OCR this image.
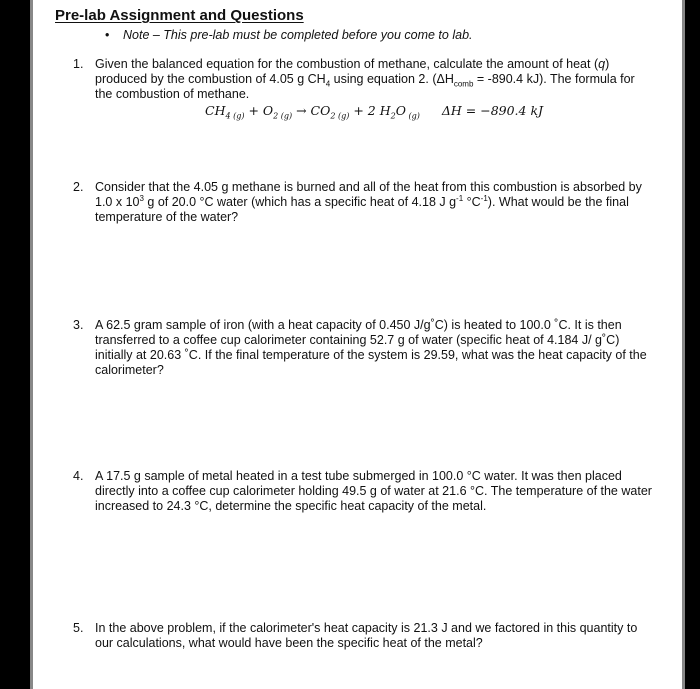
Pre-lab Assignment and Questions
• Note – This pre-lab must be completed before you come to lab.
1. Given the balanced equation for the combustion of methane, calculate the amount of heat (q) produced by the combustion of 4.05 g $CH_4$ using equation 2. ($\Delta H_{comb} = -890.4$ kJ). The formula for the combustion of methane.
$CH_{4 (g)} + O_{2 (g)} \to CO_{2 (g)} + 2$ $H_2O$ $_{(g)}$ ΔH = −890.4 kJ
2. Consider that the 4.05 g methane is burned and all of the heat from this combustion is absorbed by 1.0 x $10^3$ g of 20.0 °C water (which has a specific heat of 4.18 J $g^{-1}$ $^\circ C^{-1}$). What would be the final temperature of the water?
3. A 62.5 gram sample of iron (with a heat capacity of 0.450 J/g˚C) is heated to 100.0 ˚C. It is then transferred to a coffee cup calorimeter containing 52.7 g of water (specific heat of 4.184 J/ g˚C) initially at 20.63 ˚C. If the final temperature of the system is 29.59, what was the heat capacity of the calorimeter?
4. A 17.5 g sample of metal heated in a test tube submerged in 100.0 °C water. It was then placed directly into a coffee cup calorimeter holding 49.5 g of water at 21.6 °C. The temperature of the water increased to 24.3 °C, determine the specific heat capacity of the metal.
5. In the above problem, if the calorimeter's heat capacity is 21.3 J and we factored in this quantity to our calculations, what would have been the specific heat of the metal?
